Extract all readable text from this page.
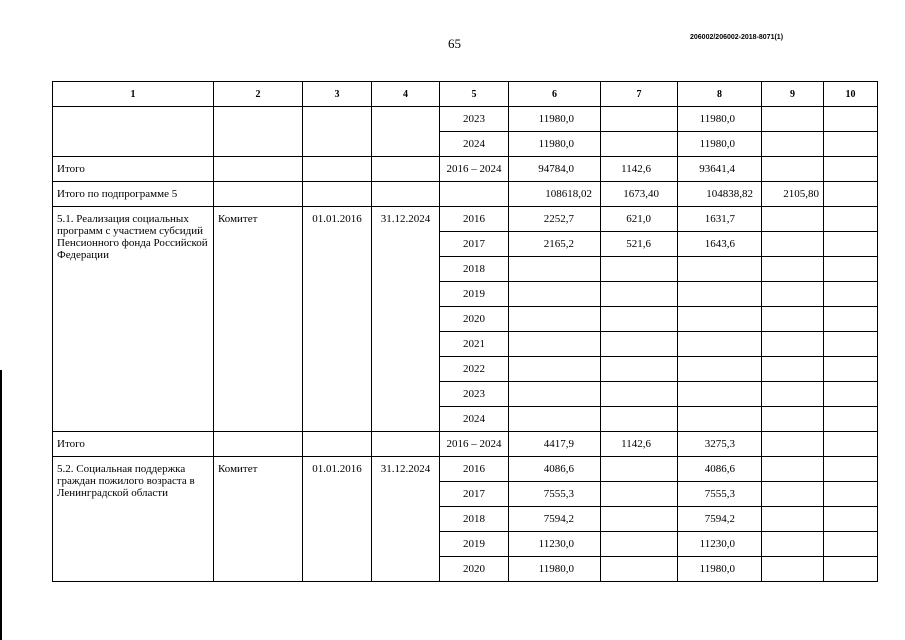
65	206002/206002-2018-8071(1)
1	2	3	4	5	6	7	8	9	10
				2023	11980,0		11980,0		
				2024	11980,0		11980,0		
Итого				2016 – 2024	94784,0	1142,6	93641,4		
Итого по подпрограмме 5					108618,02	1673,40	104838,82	2105,80	
5.1. Реализация социальных программ с участием субсидий Пенсионного фонда Российской Федерации	Комитет	01.01.2016	31.12.2024	2016	2252,7	621,0	1631,7		
				2017	2165,2	521,6	1643,6		
				2018					
				2019					
				2020					
				2021					
				2022					
				2023					
				2024					
Итого				2016 – 2024	4417,9	1142,6	3275,3		
5.2. Социальная поддержка граждан пожилого возраста в Ленинградской области	Комитет	01.01.2016	31.12.2024	2016	4086,6		4086,6		
				2017	7555,3		7555,3		
				2018	7594,2		7594,2		
				2019	11230,0		11230,0		
				2020	11980,0		11980,0		
